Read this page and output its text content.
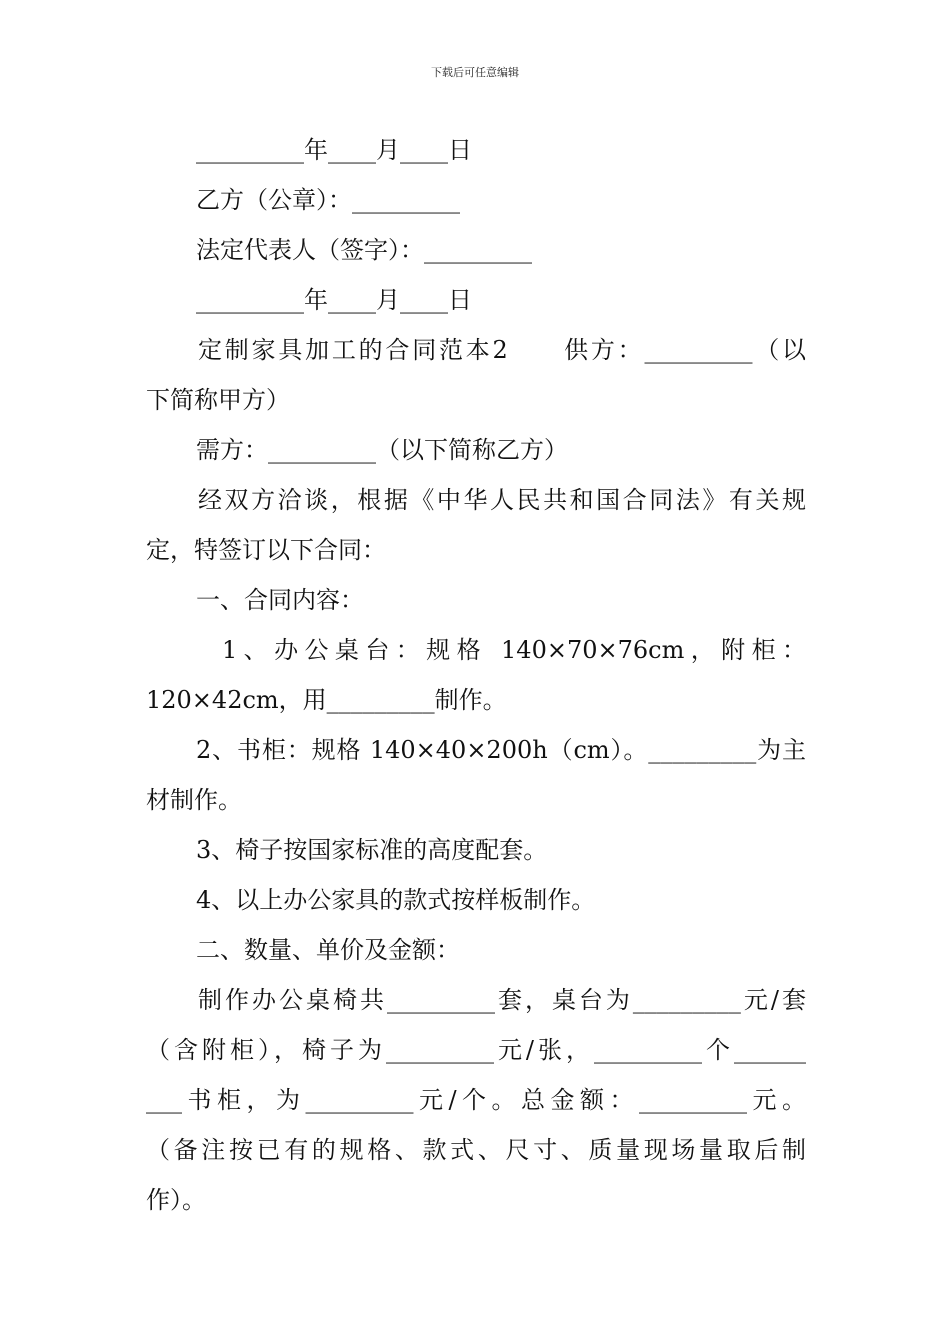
下载后可任意编辑
_________年____月____日
乙方（公章）：_________
法定代表人（签字）：_________
_________年____月____日
定制家具加工的合同范本2　　供方：_________（以
下简称甲方）
需方：_________（以下简称乙方）
经双方洽谈，根据《中华人民共和国合同法》有关规
定，特签订以下合同：
一、合同内容：
1、办公桌台：规格 140×70×76cm，附柜：
120×42cm，用_________制作。
2、书柜：规格 140×40×200h（cm）。_________为主
材制作。
3、椅子按国家标准的高度配套。
4、以上办公家具的款式按样板制作。
二、数量、单价及金额：
制作办公桌椅共_________套，桌台为_________元/套
（含附柜），椅子为_________元/张，_________个______
___书柜，为_________元/个。总金额：_________元。
（备注按已有的规格、款式、尺寸、质量现场量取后制
作）。
